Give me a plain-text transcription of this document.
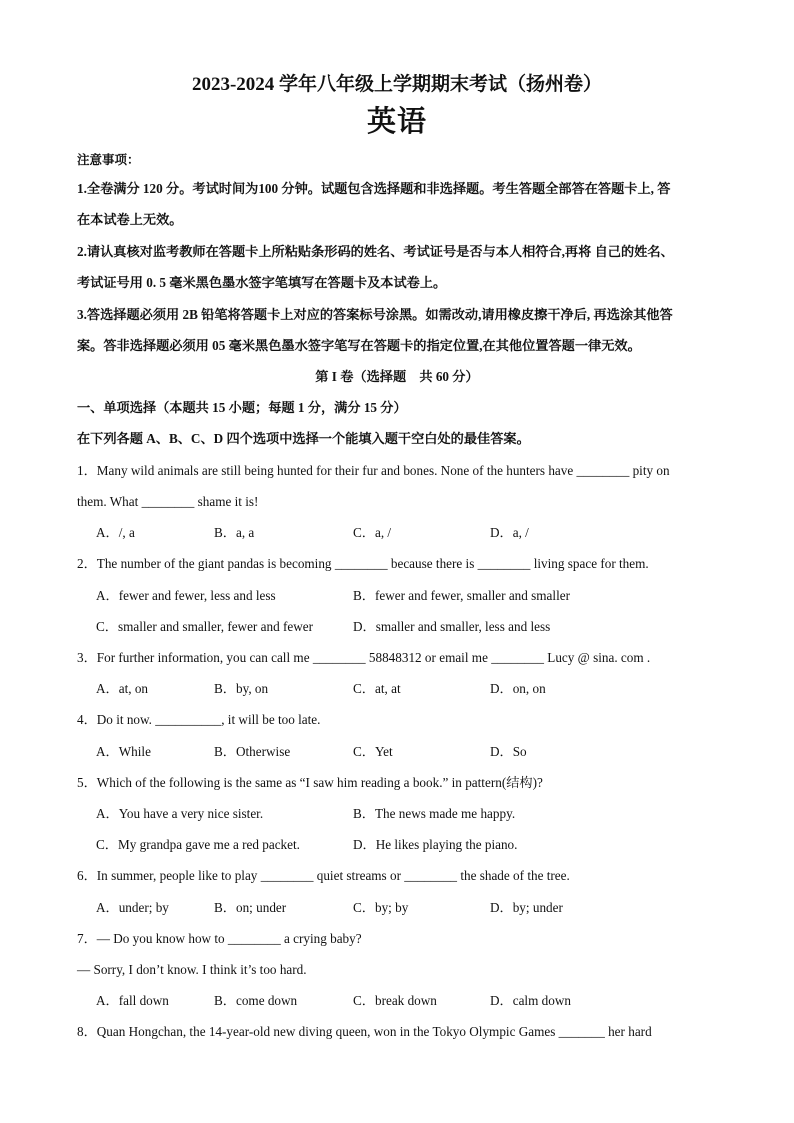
2023-2024 学年八年级上学期期末考试（扬州卷）
英语
注意事项：
1.全卷满分 120 分。考试时间为100 分钟。试题包含选择题和非选择题。考生答题全部答在答题卡上, 答
在本试卷上无效。
2.请认真核对监考教师在答题卡上所粘贴条形码的姓名、考试证号是否与本人相符合,再将 自己的姓名、
考试证号用 0. 5 毫米黑色墨水签字笔填写在答题卡及本试卷上。
3.答选择题必须用 2B 铅笔将答题卡上对应的答案标号涂黑。如需改动,请用橡皮擦干净后, 再选涂其他答
案。答非选择题必须用 05 毫米黑色墨水签字笔写在答题卡的指定位置,在其他位置答题一律无效。
第 I 卷（选择题　共 60 分）
一、单项选择（本题共 15 小题；每题 1 分，满分 15 分）
在下列各题 A、B、C、D 四个选项中选择一个能填入题干空白处的最佳答案。
1．Many wild animals are still being hunted for their fur and bones. None of the hunters have ________ pity on
them. What ________ shame it is!
A．/, a	B．a, a	C．a, /	D．a, /
2．The number of the giant pandas is becoming ________ because there is ________ living space for them.
A．fewer and fewer, less and less	B．fewer and fewer, smaller and smaller
C．smaller and smaller, fewer and fewer	D．smaller and smaller, less and less
3．For further information, you can call me ________ 58848312 or email me ________ Lucy @ sina. com .
A．at, on	B．by, on	C．at, at	D．on, on
4．Do it now. __________, it will be too late.
A．While	B．Otherwise	C．Yet	D．So
5．Which of the following is the same as “I saw him reading a book.” in pattern(结构)?
A．You have a very nice sister.	B．The news made me happy.
C．My grandpa gave me a red packet.	D．He likes playing the piano.
6．In summer, people like to play ________ quiet streams or ________ the shade of the tree.
A．under; by	B．on; under	C．by; by	D．by; under
7．— Do you know how to ________ a crying baby?
— Sorry, I don’t know. I think it’s too hard.
A．fall down	B．come down	C．break down	D．calm down
8．Quan Hongchan, the 14-year-old new diving queen, won in the Tokyo Olympic Games _______ her hard
